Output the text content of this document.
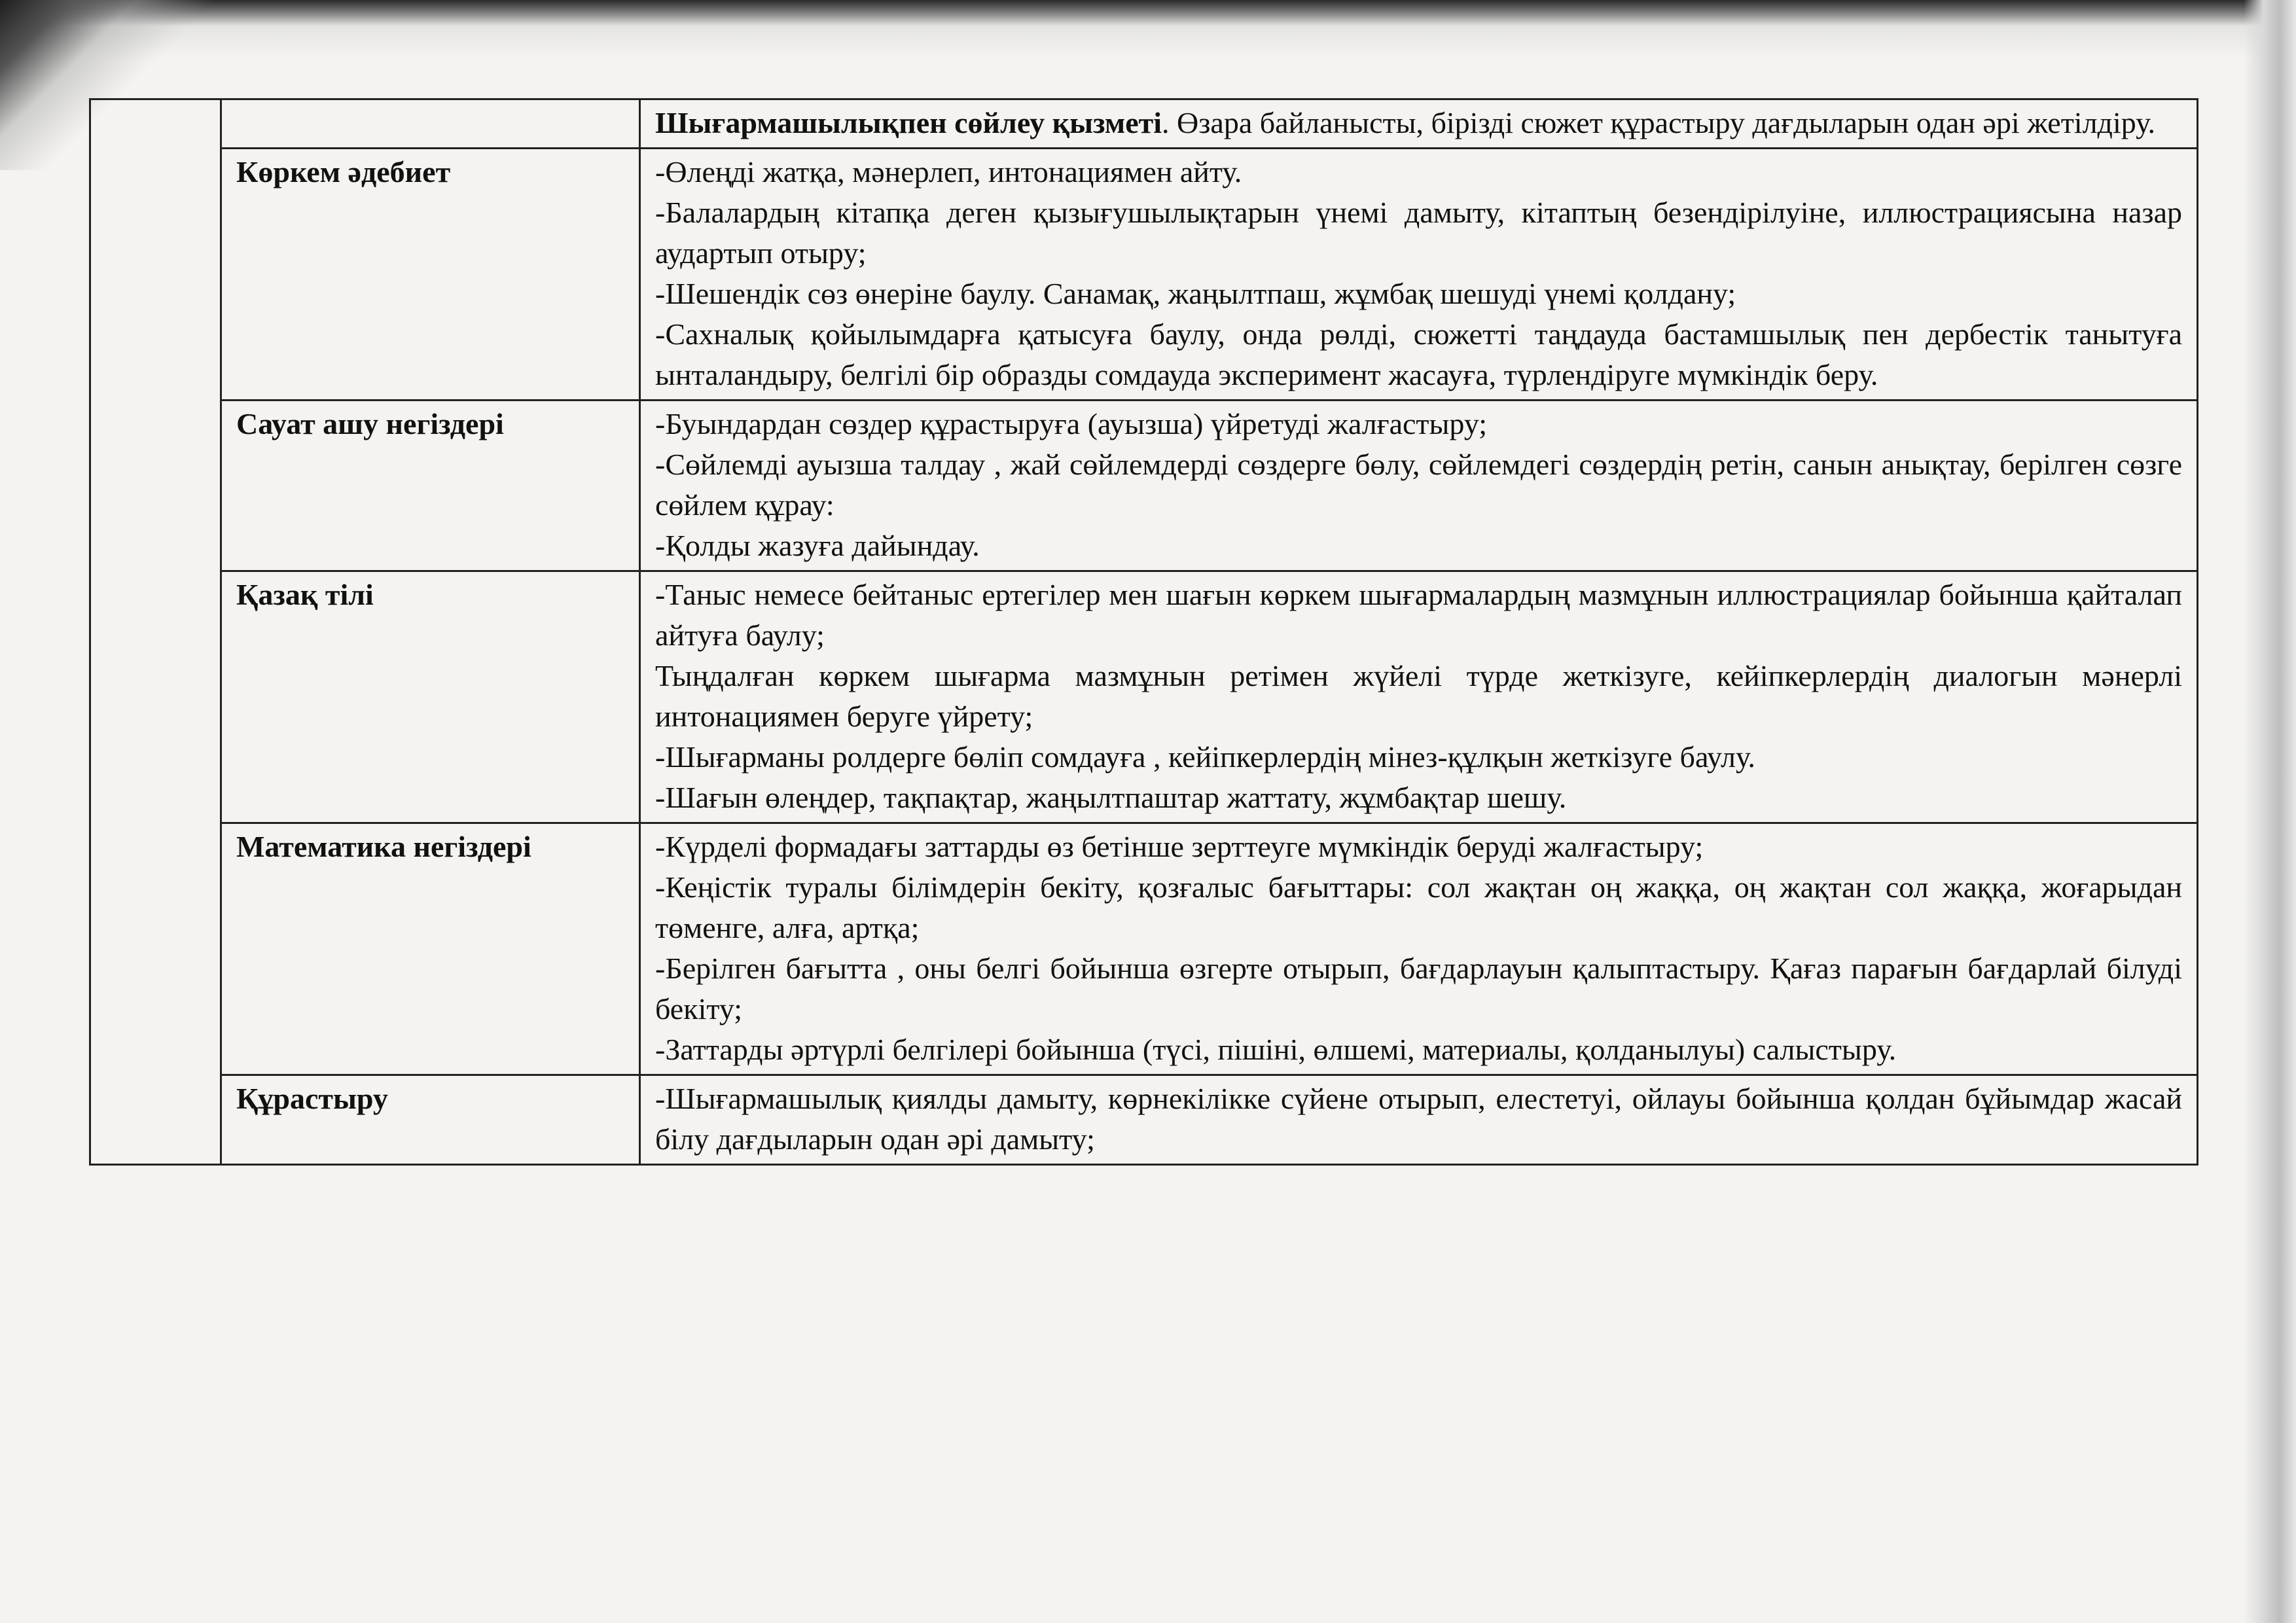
		Шығармашылықпен сөйлеу қызметі. Өзара байланысты, бірізді сюжет құрастыру дағдыларын одан әрі жетілдіру.

	Көркем әдебиет	-Өлеңді жатқа, мәнерлеп, интонациямен айту.

-Балалардың кітапқа деген қызығушылықтарын үнемі дамыту, кітаптың безендірілуіне, иллюстрациясына назар аудартып отыру;

-Шешендік сөз өнеріне баулу. Санамақ, жаңылтпаш, жұмбақ шешуді үнемі қолдану;

-Сахналық қойылымдарға қатысуға баулу, онда рөлді, сюжетті таңдауда бастамшылық пен дербестік танытуға ынталандыру, белгілі бір образды сомдауда эксперимент жасауға, түрлендіруге мүмкіндік беру.

	Сауат ашу негіздері	-Буындардан сөздер құрастыруға (ауызша) үйретуді жалғастыру;

-Сөйлемді ауызша талдау , жай сөйлемдерді сөздерге бөлу, сөйлемдегі сөздердің ретін, санын анықтау, берілген сөзге сөйлем құрау:

-Қолды жазуға дайындау.

	Қазақ тілі	-Таныс немесе бейтаныс ертегілер мен шағын көркем шығармалардың мазмұнын иллюстрациялар бойынша қайталап айтуға баулу;

Тыңдалған көркем шығарма мазмұнын ретімен жүйелі түрде жеткізуге, кейіпкерлердің диалогын мәнерлі интонациямен беруге үйрету;

-Шығарманы ролдерге бөліп сомдауға , кейіпкерлердің мінез-құлқын жеткізуге баулу.

-Шағын өлеңдер, тақпақтар, жаңылтпаштар жаттату, жұмбақтар шешу.

	Математика негіздері	-Күрделі формадағы заттарды өз бетінше зерттеуге мүмкіндік беруді жалғастыру;

-Кеңістік туралы білімдерін бекіту, қозғалыс бағыттары: сол жақтан оң жаққа, оң жақтан сол жаққа, жоғарыдан төменге, алға, артқа;

-Берілген бағытта , оны белгі бойынша өзгерте отырып, бағдарлауын қалыптастыру. Қағаз парағын бағдарлай білуді бекіту;

-Заттарды әртүрлі белгілері бойынша (түсі, пішіні, өлшемі, материалы, қолданылуы) салыстыру.

	Құрастыру	-Шығармашылық қиялды дамыту, көрнекілікке сүйене отырып, елестетуі, ойлауы бойынша қолдан бұйымдар жасай білу дағдыларын одан әрі дамыту;
